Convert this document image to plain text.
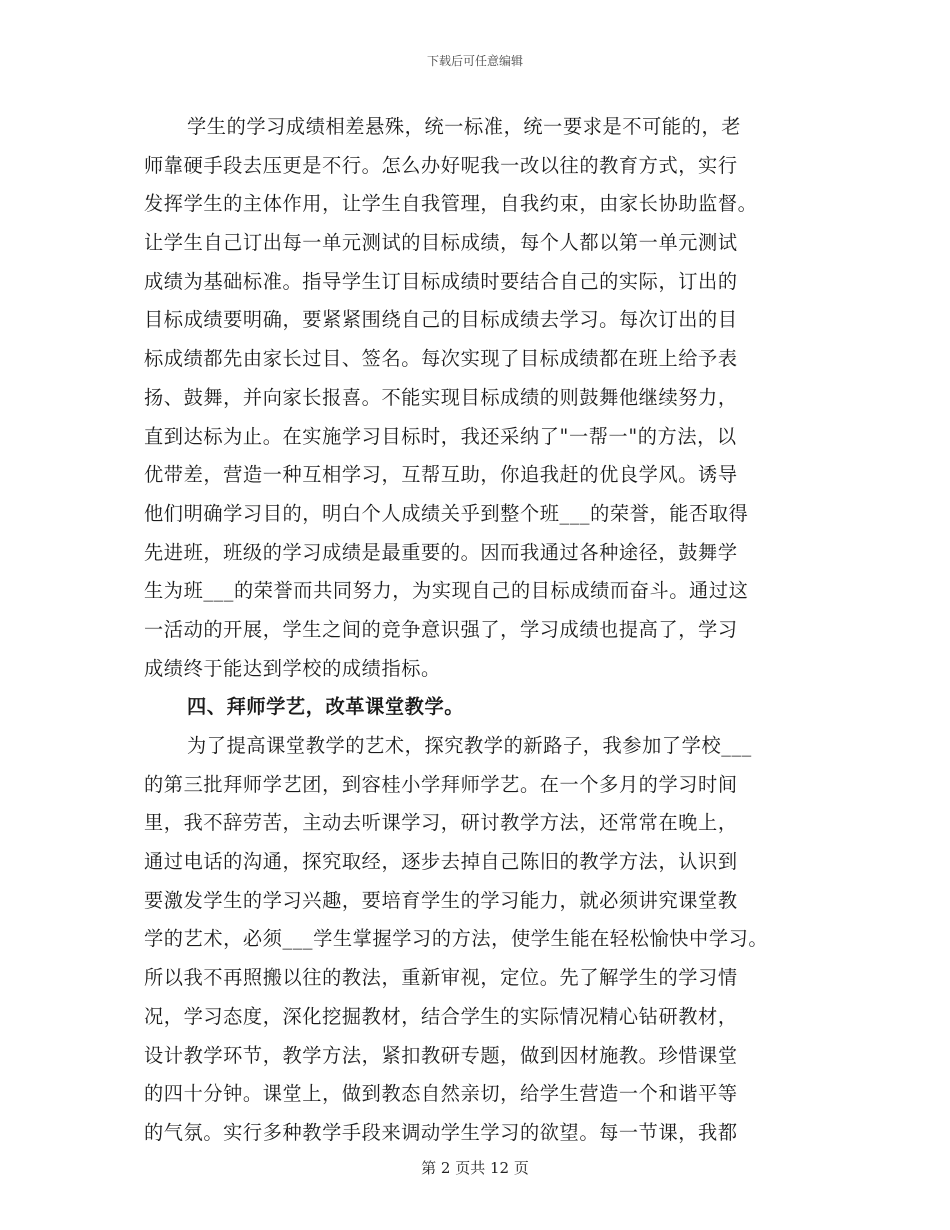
下载后可任意编辑
学生的学习成绩相差悬殊，统一标准，统一要求是不可能的，老
师靠硬手段去压更是不行。怎么办好呢我一改以往的教育方式，实行
发挥学生的主体作用，让学生自我管理，自我约束，由家长协助监督。
让学生自己订出每一单元测试的目标成绩，每个人都以第一单元测试
成绩为基础标准。指导学生订目标成绩时要结合自己的实际，订出的
目标成绩要明确，要紧紧围绕自己的目标成绩去学习。每次订出的目
标成绩都先由家长过目、签名。每次实现了目标成绩都在班上给予表
扬、鼓舞，并向家长报喜。不能实现目标成绩的则鼓舞他继续努力，
直到达标为止。在实施学习目标时，我还采纳了"一帮一"的方法，以
优带差，营造一种互相学习，互帮互助，你追我赶的优良学风。诱导
他们明确学习目的，明白个人成绩关乎到整个班___的荣誉，能否取得
先进班，班级的学习成绩是最重要的。因而我通过各种途径，鼓舞学
生为班___的荣誉而共同努力，为实现自己的目标成绩而奋斗。通过这
一活动的开展，学生之间的竞争意识强了，学习成绩也提高了，学习
成绩终于能达到学校的成绩指标。
四、拜师学艺，改革课堂教学。
为了提高课堂教学的艺术，探究教学的新路子，我参加了学校___
的第三批拜师学艺团，到容桂小学拜师学艺。在一个多月的学习时间
里，我不辞劳苦，主动去听课学习，研讨教学方法，还常常在晚上，
通过电话的沟通，探究取经，逐步去掉自己陈旧的教学方法，认识到
要激发学生的学习兴趣，要培育学生的学习能力，就必须讲究课堂教
学的艺术，必须___学生掌握学习的方法，使学生能在轻松愉快中学习。
所以我不再照搬以往的教法，重新审视，定位。先了解学生的学习情
况，学习态度，深化挖掘教材，结合学生的实际情况精心钻研教材，
设计教学环节，教学方法，紧扣教研专题，做到因材施教。珍惜课堂
的四十分钟。课堂上，做到教态自然亲切，给学生营造一个和谐平等
的气氛。实行多种教学手段来调动学生学习的欲望。每一节课，我都
第 2 页共 12 页
